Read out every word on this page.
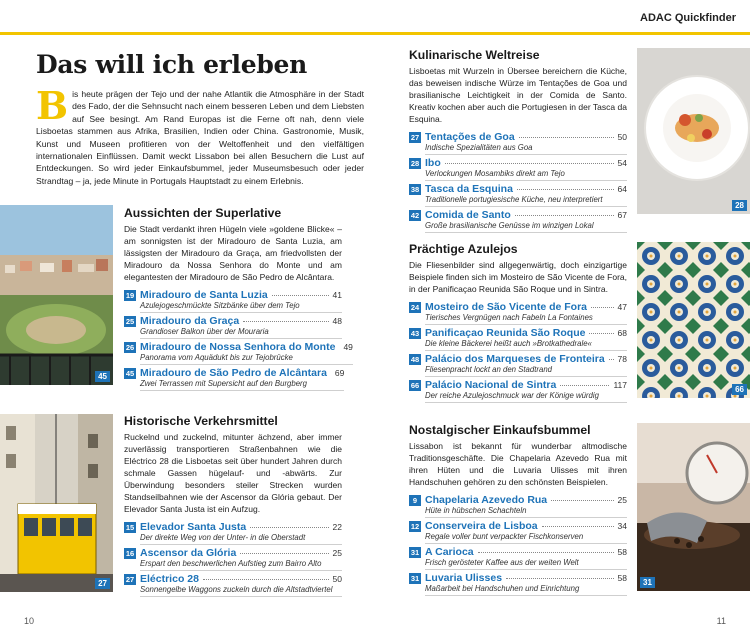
ADAC Quickfinder
Das will ich erleben
Bis heute prägen der Tejo und der nahe Atlantik die Atmosphäre in der Stadt des Fado, der die Sehnsucht nach einem besseren Leben und dem Liebsten auf See besingt. Am Rand Europas ist die Ferne oft nah, denn viele Lisboetas stammen aus Afrika, Brasilien, Indien oder China. Gastronomie, Musik, Kunst und Museen profitieren von der Weltoffenheit und den vielfältigen internationalen Einflüssen. Damit weckt Lissabon bei allen Besuchern die Lust auf Entdeckungen. So wird jeder Einkaufsbummel, jeder Museumsbesuch oder jeder Strandtag – ja, jede Minute in Portugals Hauptstadt zu einem Erlebnis.
45
Aussichten der Superlative
Die Stadt verdankt ihren Hügeln viele »goldene Blicke« – am sonnigsten ist der Miradouro de Santa Luzia, am lässigsten der Miradouro da Graça, am friedvollsten der Miradouro da Nossa Senhora do Monte und am elegantesten der Miradouro de São Pedro de Alcântara.
19 Miradouro de Santa Luzia	41
Azulejogeschmückte Sitzbänke über dem Tejo
25 Miradouro da Graça	48
Grandioser Balkon über der Mouraria
26 Miradouro de Nossa Senhora do Monte 49
Panorama vom Aquädukt bis zur Tejobrücke
45 Miradouro de São Pedro de Alcântara 69
Zwei Terrassen mit Supersicht auf den Burgberg
27
Historische Verkehrsmittel
Ruckelnd und zuckelnd, mitunter ächzend, aber immer zuverlässig transportieren Straßenbahnen wie die Eléctrico 28 die Lisboetas seit über hundert Jahren durch schmale Gassen hügelauf- und -abwärts. Zur Überwindung besonders steiler Strecken wurden Standseilbahnen wie der Ascensor da Glória gebaut. Der Elevador Santa Justa ist ein Aufzug.
15 Elevador Santa Justa	22
Der direkte Weg von der Unter- in die Oberstadt
16 Ascensor da Glória	25
Erspart den beschwerlichen Aufstieg zum Bairro Alto
27 Eléctrico 28	50
Sonnengelbe Waggons zuckeln durch die Altstadtviertel
Kulinarische Weltreise
Lisboetas mit Wurzeln in Übersee bereichern die Küche, das beweisen indische Würze im Tentações de Goa und brasilianische Leichtigkeit in der Comida de Santo. Kreativ kochen aber auch die Portugiesen in der Tasca da Esquina.
27 Tentações de Goa	50
Indische Spezialitäten aus Goa
28 Ibo	54
Verlockungen Mosambiks direkt am Tejo
38 Tasca da Esquina	64
Traditionelle portugiesische Küche, neu interpretiert
42 Comida de Santo	67
Große brasilianische Genüsse im winzigen Lokal
28
Prächtige Azulejos
Die Fliesenbilder sind allgegenwärtig, doch einzigartige Beispiele finden sich im Mosteiro de São Vicente de Fora, in der Panificaçao Reunida São Roque und in Sintra.
24 Mosteiro de São Vicente de Fora	47
Tierisches Vergnügen nach Fabeln La Fontaines
43 Panificaçao Reunida São Roque	68
Die kleine Bäckerei heißt auch »Brotkathedrale«
48 Palácio dos Marqueses de Fronteira 78
Fliesenpracht lockt an den Stadtrand
66 Palácio Nacional de Sintra	117
Der reiche Azulejoschmuck war der Könige würdig
66
Nostalgischer Einkaufsbummel
Lissabon ist bekannt für wunderbar altmodische Traditionsgeschäfte. Die Chapelaria Azevedo Rua mit ihren Hüten und die Luvaria Ulisses mit ihren Handschuhen gehören zu den schönsten Beispielen.
9 Chapelaria Azevedo Rua	25
Hüte in hübschen Schachteln
12 Conserveira de Lisboa	34
Regale voller bunt verpackter Fischkonserven
31 A Carioca	58
Frisch gerösteter Kaffee aus der weiten Welt
31 Luvaria Ulisses	58
Maßarbeit bei Handschuhen und Einrichtung
31
10	11
